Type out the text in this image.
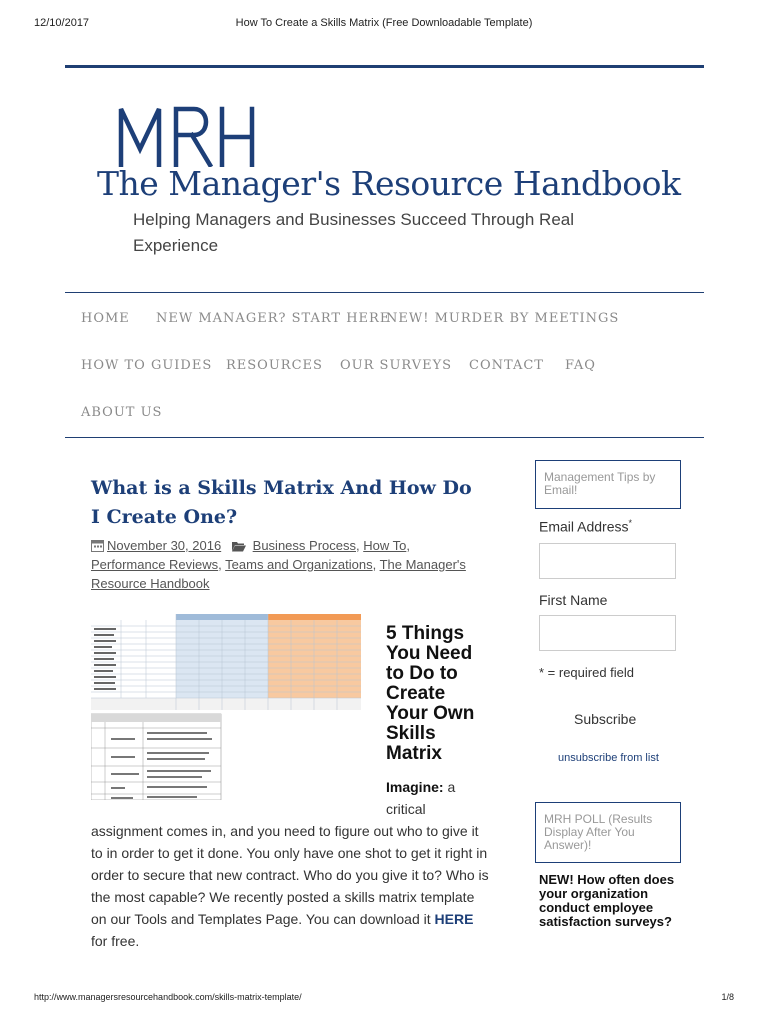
12/10/2017	How To Create a Skills Matrix (Free Downloadable Template)
The Manager's Resource Handbook
Helping Managers and Businesses Succeed Through Real Experience
HOME NEW MANAGER? START HERE
NEW! MURDER BY MEETINGS
HOW TO GUIDES RESOURCES OUR SURVEYS CONTACT FAQ
ABOUT US
What is a Skills Matrix And How Do I Create One?
November 30, 2016 Business Process, How To, Performance Reviews, Teams and Organizations, The Manager's Resource Handbook
5 Things You Need to Do to Create Your Own Skills Matrix
Imagine: a critical
assignment comes in, and you need to figure out who to give it to in order to get it done. You only have one shot to get it right in order to secure that new contract. Who do you give it to? Who is the most capable? We recently posted a skills matrix template on our Tools and Templates Page. You can download it HERE for free.
Management Tips by Email!
Email Address*
First Name
* = required field
Subscribe
unsubscribe from list
MRH POLL (Results Display After You Answer)!
NEW! How often does your organization conduct employee satisfaction surveys?
http://www.managersresourcehandbook.com/skills-matrix-template/	1/8
